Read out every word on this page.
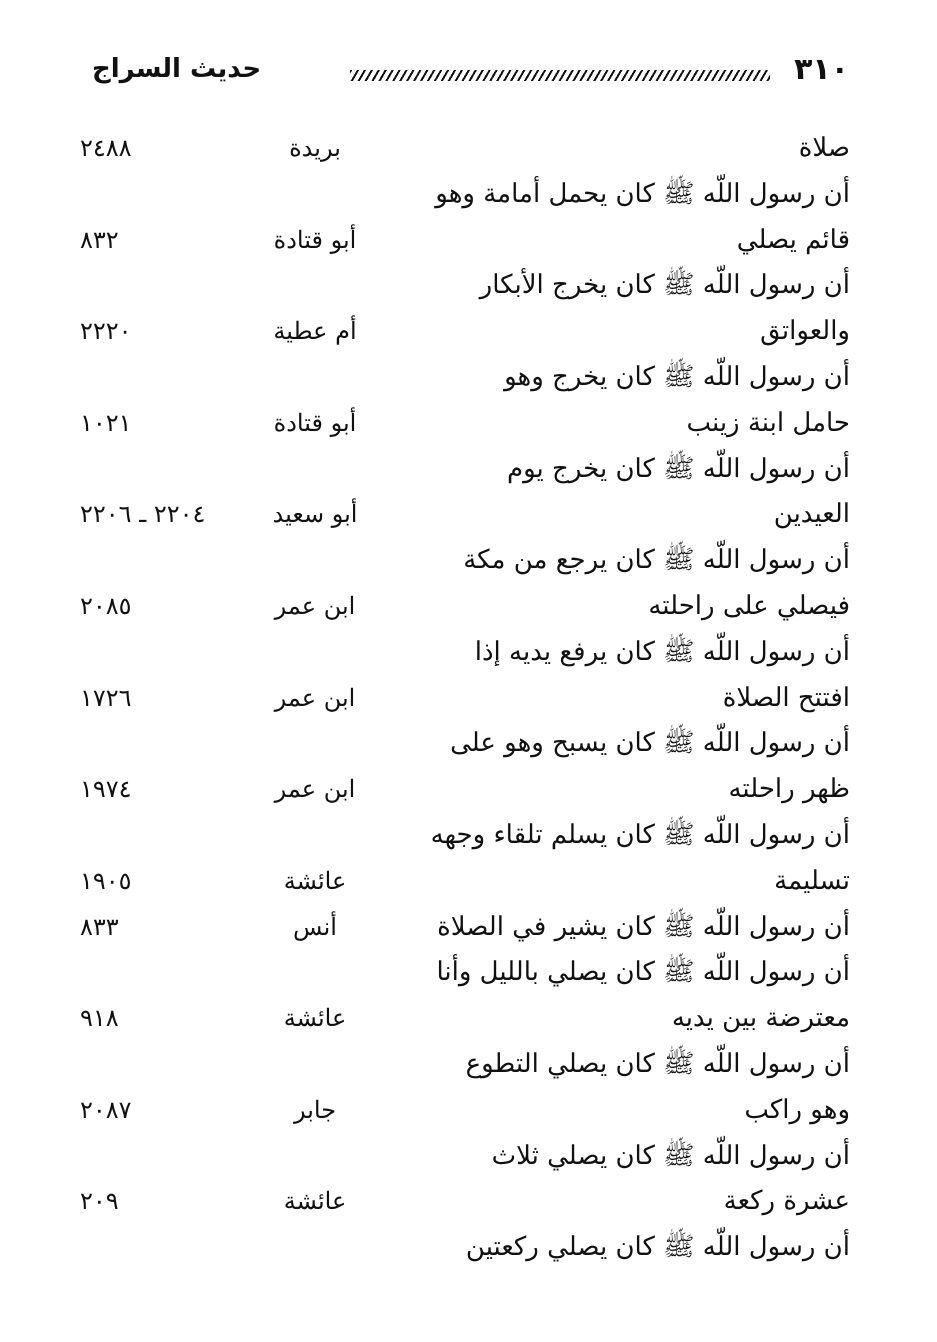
٣١٠
حديث السراج
صلاة
بريدة
٢٤٨٨
أن رسول اللّه ﷺ كان يحمل أمامة وهو
قائم يصلي
أبو قتادة
٨٣٢
أن رسول اللّه ﷺ كان يخرج الأبكار
والعواتق
أم عطية
٢٢٢٠
أن رسول اللّه ﷺ كان يخرج وهو
حامل ابنة زينب
أبو قتادة
١٠٢١
أن رسول اللّه ﷺ كان يخرج يوم
العيدين
أبو سعيد
٢٢٠٤ ـ ٢٢٠٦
أن رسول اللّه ﷺ كان يرجع من مكة
فيصلي على راحلته
ابن عمر
٢٠٨٥
أن رسول اللّه ﷺ كان يرفع يديه إذا
افتتح الصلاة
ابن عمر
١٧٢٦
أن رسول اللّه ﷺ كان يسبح وهو على
ظهر راحلته
ابن عمر
١٩٧٤
أن رسول اللّه ﷺ كان يسلم تلقاء وجهه
تسليمة
عائشة
١٩٠٥
أن رسول اللّه ﷺ كان يشير في الصلاة
أنس
٨٣٣
أن رسول اللّه ﷺ كان يصلي بالليل وأنا
معترضة بين يديه
عائشة
٩١٨
أن رسول اللّه ﷺ كان يصلي التطوع
وهو راكب
جابر
٢٠٨٧
أن رسول اللّه ﷺ كان يصلي ثلاث
عشرة ركعة
عائشة
٢٠٩
أن رسول اللّه ﷺ كان يصلي ركعتين
